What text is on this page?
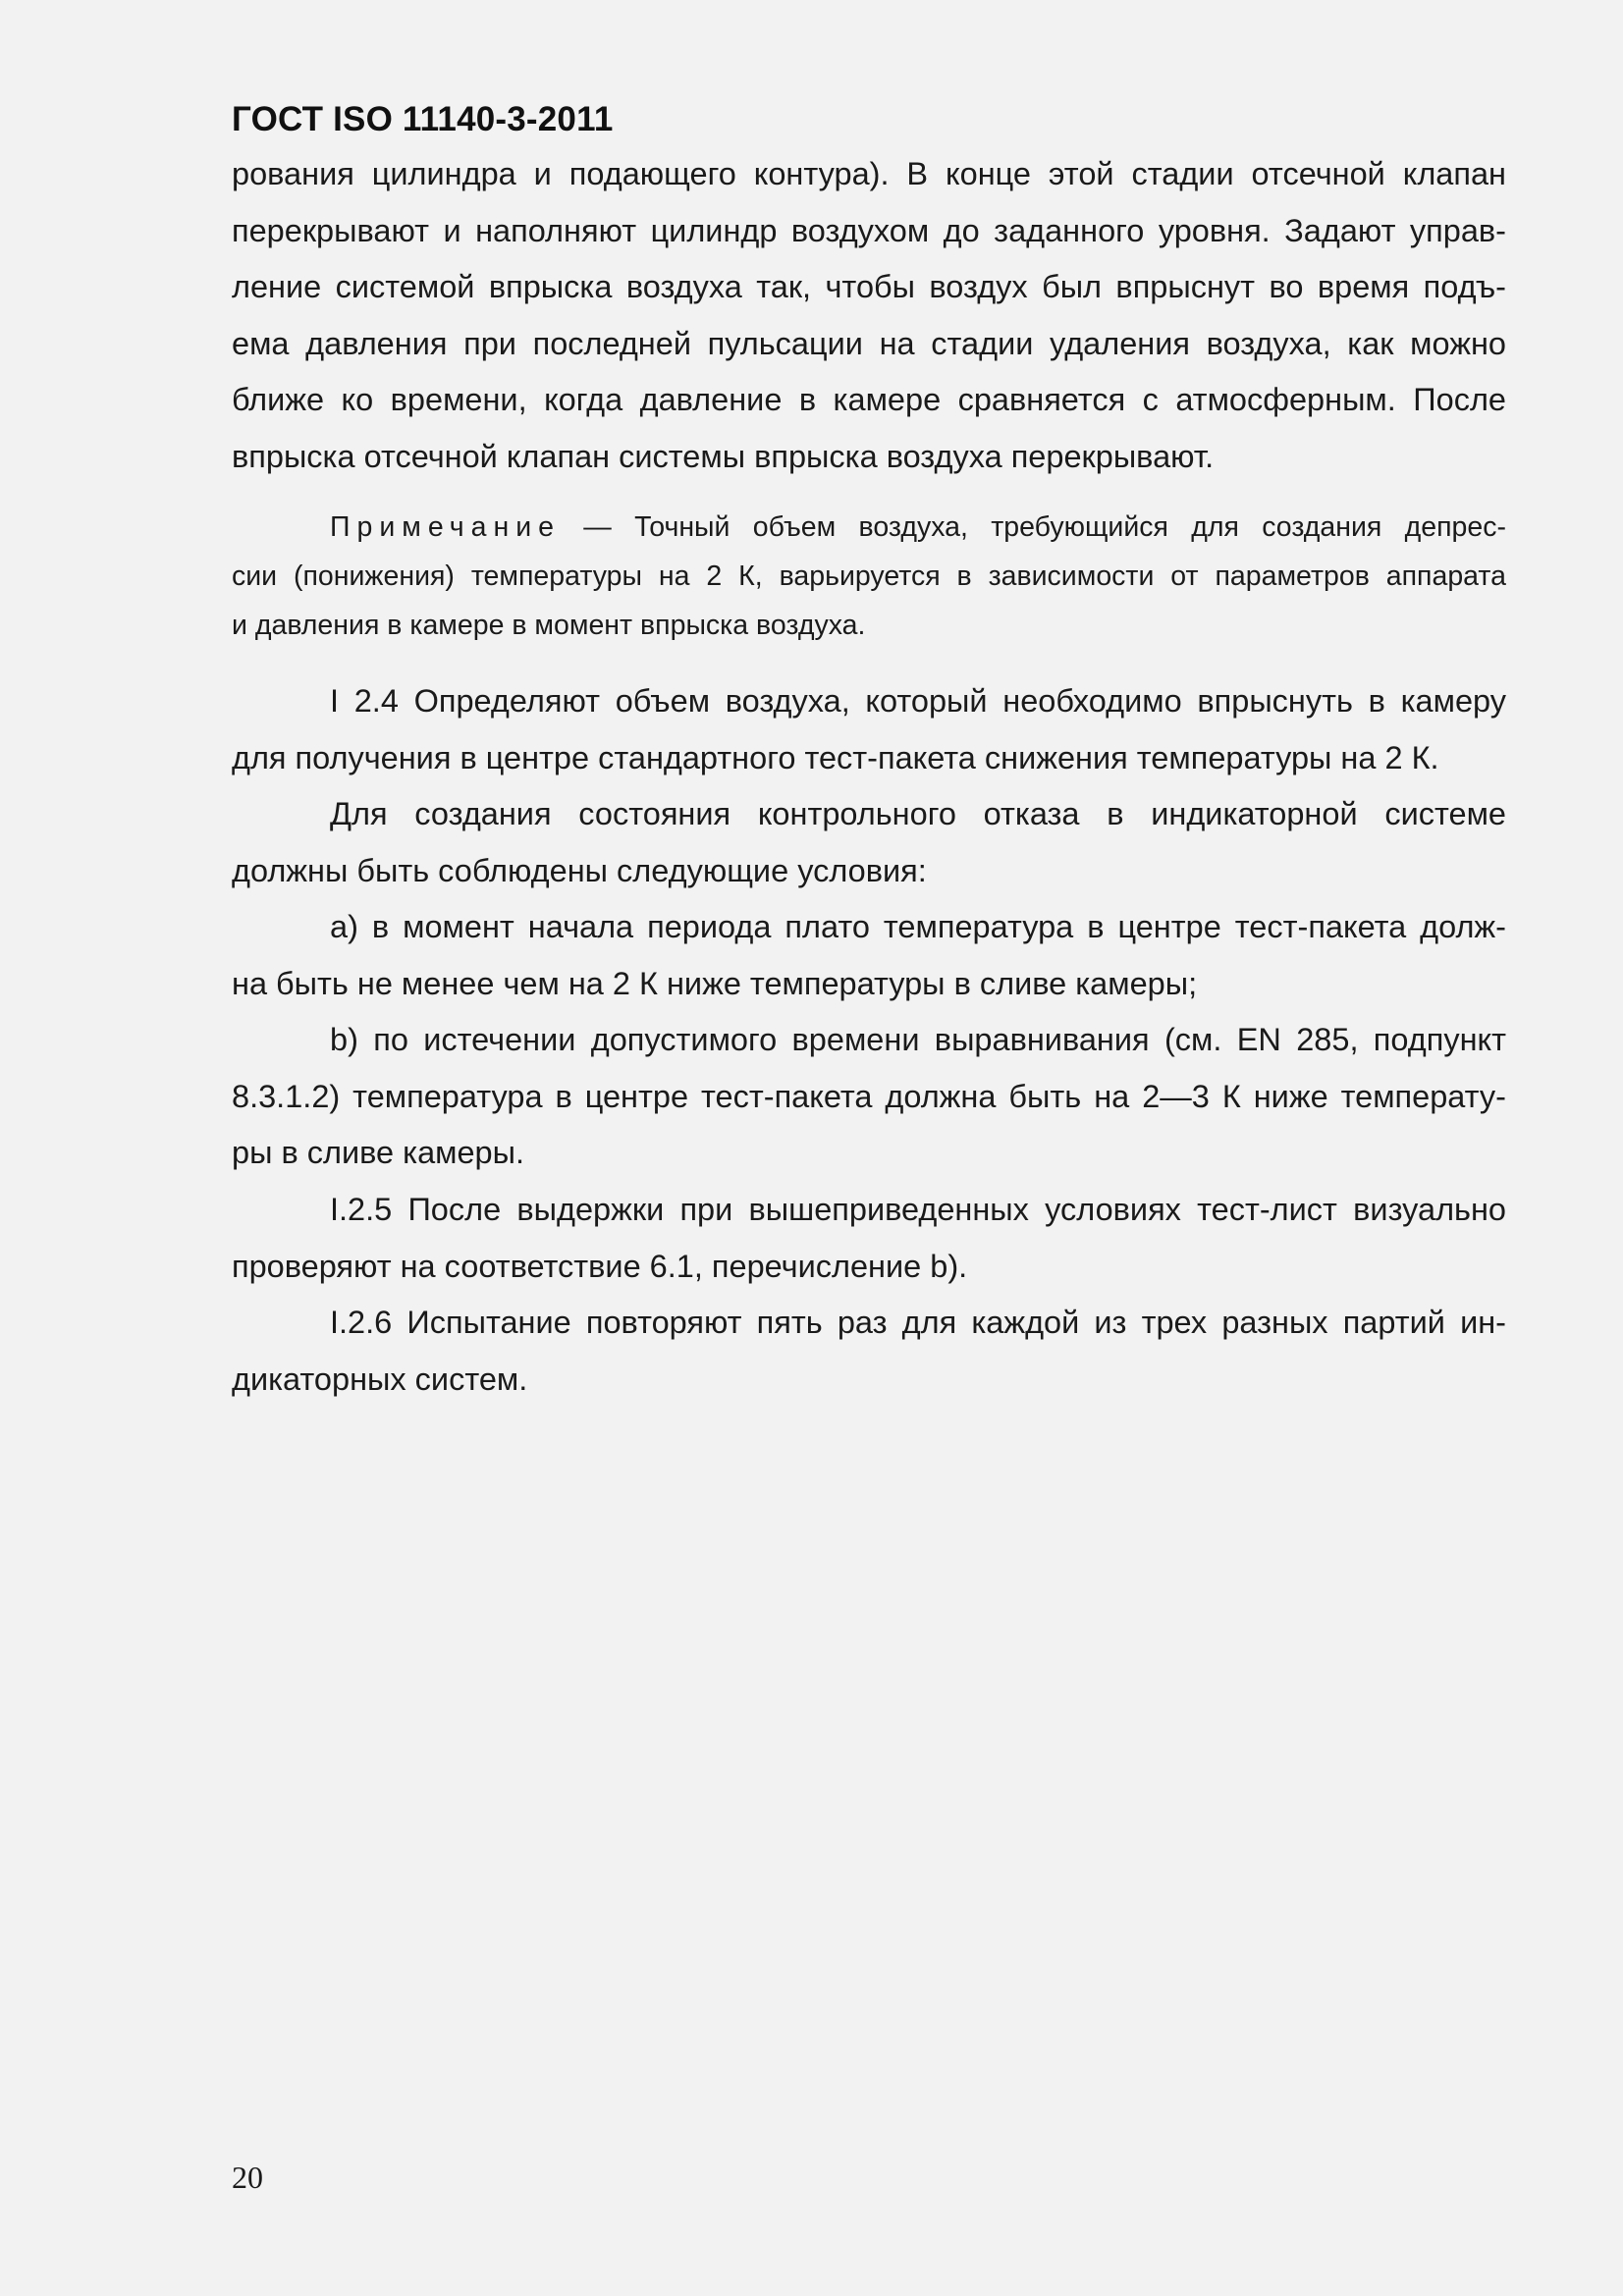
ГОСТ ISO 11140-3-2011
рования цилиндра и подающего контура). В конце этой стадии отсечной клапан
перекрывают и наполняют цилиндр воздухом до заданного уровня. Задают управ-
ление системой впрыска воздуха так, чтобы воздух был впрыснут во время подъ-
ема давления при последней пульсации на стадии удаления воздуха, как можно
ближе ко времени, когда давление в камере сравняется с атмосферным. После
впрыска отсечной клапан системы впрыска воздуха перекрывают.
Примечание — Точный объем воздуха, требующийся для создания депрес-
сии (понижения) температуры на 2 К, варьируется в зависимости от параметров аппарата
и давления в камере в момент впрыска воздуха.
I 2.4 Определяют объем воздуха, который необходимо впрыснуть в камеру
для получения в центре стандартного тест-пакета снижения температуры на 2 К.
Для создания состояния контрольного отказа в индикаторной системе
должны быть соблюдены следующие условия:
a) в момент начала периода плато температура в центре тест-пакета долж-
на быть не менее чем на 2 К ниже температуры в сливе камеры;
b) по истечении допустимого времени выравнивания (см. EN 285, подпункт
8.3.1.2) температура в центре тест-пакета должна быть на 2—3 К ниже температу-
ры в сливе камеры.
I.2.5 После выдержки при вышеприведенных условиях тест-лист визуально
проверяют на соответствие 6.1, перечисление b).
I.2.6 Испытание повторяют пять раз для каждой из трех разных партий ин-
дикаторных систем.
20
